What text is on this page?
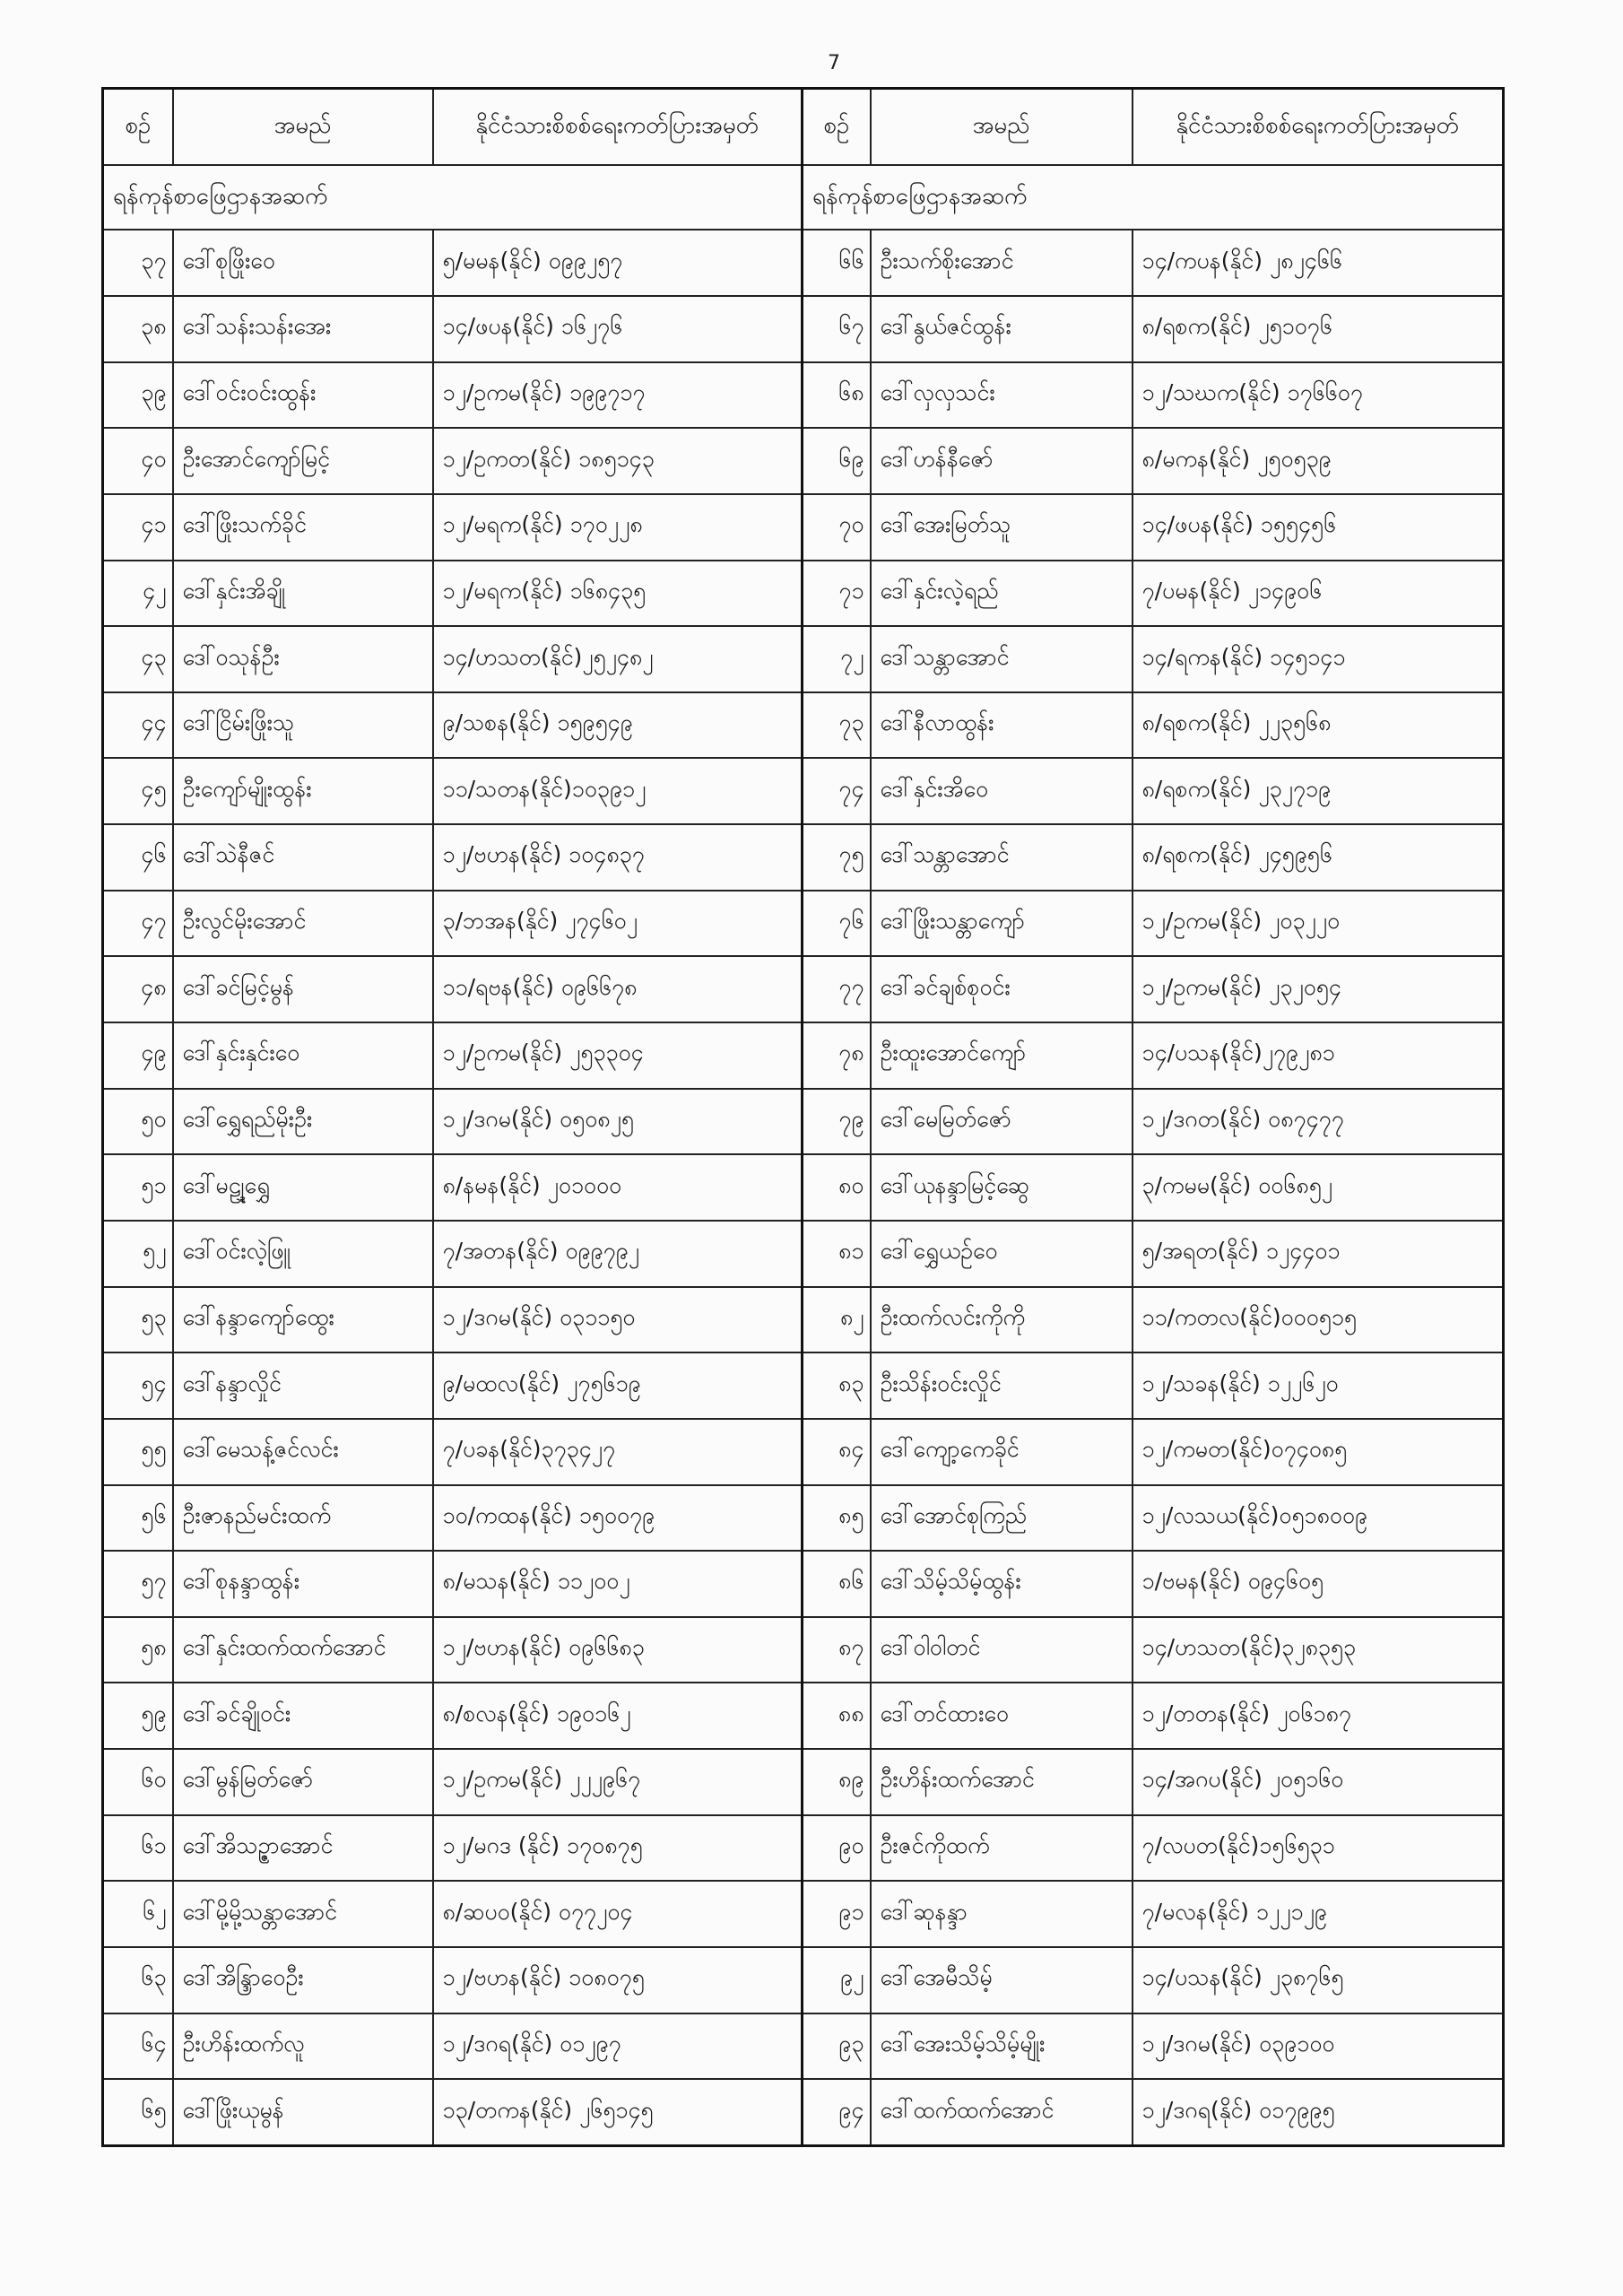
7
စဉ်	အမည်	နိုင်ငံသားစိစစ်ရေးကတ်ပြားအမှတ်	စဉ်	အမည်	နိုင်ငံသားစိစစ်ရေးကတ်ပြားအမှတ်
ရန်ကုန်စာဖြေဌာနအဆက်			ရန်ကုန်စာဖြေဌာနအဆက်		
၃၇	ဒေါ်စုဖြိုးဝေ	၅/မမန(နိုင်) ၀၉၉၂၅၇	၆၆	ဦးသက်စိုးအောင်	၁၄/ကပန(နိုင်) ၂၈၂၄၆၆
၃၈	ဒေါ်သန်းသန်းအေး	၁၄/ဖပန(နိုင်) ၁၆၂၇၆	၆၇	ဒေါ်နွယ်ဇင်ထွန်း	၈/ရစက(နိုင်) ၂၅၁၀၇၆
၃၉	ဒေါ်ဝင်းဝင်းထွန်း	၁၂/ဥကမ(နိုင်) ၁၉၉၇၁၇	၆၈	ဒေါ်လှလှသင်း	၁၂/သဃက(နိုင်) ၁၇၆၆၀၇
၄၀	ဦးအောင်ကျော်မြင့်	၁၂/ဥကတ(နိုင်) ၁၈၅၁၄၃	၆၉	ဒေါ်ဟန်နီဇော်	၈/မကန(နိုင်) ၂၅၀၅၃၉
၄၁	ဒေါ်ဖြိုးသက်ခိုင်	၁၂/မရက(နိုင်) ၁၇၀၂၂၈	၇၀	ဒေါ်အေးမြတ်သူ	၁၄/ဖပန(နိုင်) ၁၅၅၄၅၆
၄၂	ဒေါ်နှင်းအိချို	၁၂/မရက(နိုင်) ၁၆၈၄၃၅	၇၁	ဒေါ်နှင်းလဲ့ရည်	၇/ပမန(နိုင်) ၂၁၄၉၀၆
၄၃	ဒေါ်ဝသုန်ဦး	၁၄/ဟသတ(နိုင်)၂၅၂၄၈၂	၇၂	ဒေါ်သန္တာအောင်	၁၄/ရကန(နိုင်) ၁၄၅၁၄၁
၄၄	ဒေါ်ငြိမ်းဖြိုးသူ	၉/သစန(နိုင်) ၁၅၉၅၄၉	၇၃	ဒေါ်နီလာထွန်း	၈/ရစက(နိုင်) ၂၂၃၅၆၈
၄၅	ဦးကျော်မျိုးထွန်း	၁၁/သတန(နိုင်)၁၀၃၉၁၂	၇၄	ဒေါ်နှင်းအိဝေ	၈/ရစက(နိုင်) ၂၃၂၇၁၉
၄၆	ဒေါ်သဲနီဇင်	၁၂/ဗဟန(နိုင်) ၁၀၄၈၃၇	၇၅	ဒေါ်သန္တာအောင်	၈/ရစက(နိုင်) ၂၄၅၉၅၆
၄၇	ဦးလွင်မိုးအောင်	၃/ဘအန(နိုင်) ၂၇၄၆၀၂	၇၆	ဒေါ်ဖြိုးသန္တာကျော်	၁၂/ဥကမ(နိုင်) ၂၀၃၂၂၀
၄၈	ဒေါ်ခင်မြင့်မွန်	၁၁/ရဗန(နိုင်) ၀၉၆၆၇၈	၇၇	ဒေါ်ခင်ချစ်စုဝင်း	၁၂/ဥကမ(နိုင်) ၂၃၂၀၅၄
၄၉	ဒေါ်နှင်းနှင်းဝေ	၁၂/ဥကမ(နိုင်) ၂၅၃၃၀၄	၇၈	ဦးထူးအောင်ကျော်	၁၄/ပသန(နိုင်)၂၇၉၂၈၁
၅၀	ဒေါ်ရွှေရည်မိုးဦး	၁၂/ဒဂမ(နိုင်) ၀၅၀၈၂၅	၇၉	ဒေါ်မေမြတ်ဇော်	၁၂/ဒဂတ(နိုင်) ၀၈၇၄၇၇
၅၁	ဒေါ်မဠ္ဍုရွှေ	၈/နမန(နိုင်) ၂၀၁၀၀၀	၈၀	ဒေါ်ယုနန္ဒာမြင့်ဆွေ	၃/ကမမ(နိုင်) ၀၀၆၈၅၂
၅၂	ဒေါ်ဝင်းလဲ့ဖြူ	၇/အတန(နိုင်) ၀၉၉၇၉၂	၈၁	ဒေါ်ရွှေယဉ်ဝေ	၅/အရတ(နိုင်) ၁၂၄၄၀၁
၅၃	ဒေါ်နန္ဒာကျော်ထွေး	၁၂/ဒဂမ(နိုင်) ၀၃၁၁၅၀	၈၂	ဦးထက်လင်းကိုကို	၁၁/ကတလ(နိုင်)၀၀၀၅၁၅
၅၄	ဒေါ်နန္ဒာလှိုင်	၉/မထလ(နိုင်) ၂၇၅၆၁၉	၈၃	ဦးသိန်းဝင်းလှိုင်	၁၂/သခန(နိုင်) ၁၂၂၆၂၀
၅၅	ဒေါ်မေသန့်ဇင်လင်း	၇/ပခန(နိုင်)၃၇၃၄၂၇	၈၄	ဒေါ်ကျော့ကေခိုင်	၁၂/ကမတ(နိုင်)၀၇၄၀၈၅
၅၆	ဦးဇာနည်မင်းထက်	၁၀/ကထန(နိုင်) ၁၅၀၀၇၉	၈၅	ဒေါ်အောင်စုကြည်	၁၂/လသယ(နိုင်)၀၅၁၈၀၀၉
၅၇	ဒေါ်စုနန္ဒာထွန်း	၈/မသန(နိုင်) ၁၁၂၀၀၂	၈၆	ဒေါ်သိမ့်သိမ့်ထွန်း	၁/ဗမန(နိုင်) ၀၉၄၆၀၅
၅၈	ဒေါ်နှင်းထက်ထက်အောင်	၁၂/ဗဟန(နိုင်) ၀၉၆၆၈၃	၈၇	ဒေါ်ဝါဝါတင်	၁၄/ဟသတ(နိုင်)၃၂၈၃၅၃
၅၉	ဒေါ်ခင်ချိုဝင်း	၈/စလန(နိုင်) ၁၉၀၁၆၂	၈၈	ဒေါ်တင်ထားဝေ	၁၂/တတန(နိုင်) ၂၀၆၁၈၇
၆၀	ဒေါ်မွန်မြတ်ဇော်	၁၂/ဥကမ(နိုင်) ၂၂၂၉၆၇	၈၉	ဦးဟိန်းထက်အောင်	၁၄/အဂပ(နိုင်) ၂၀၅၁၆၀
၆၁	ဒေါ်အိသဥ္ဇာအောင်	၁၂/မဂဒ (နိုင်) ၁၇၀၈၇၅	၉၀	ဦးဇင်ကိုထက်	၇/လပတ(နိုင်)၁၅၆၅၃၁
၆၂	ဒေါ်မို့မို့သန္တာအောင်	၈/ဆပဝ(နိုင်) ၀၇၇၂၀၄	၉၁	ဒေါ်ဆုနန္ဒာ	၇/မလန(နိုင်) ၁၂၂၁၂၉
၆၃	ဒေါ်အိန္ဒြာဝေဦး	၁၂/ဗဟန(နိုင်) ၁၀၈၀၇၅	၉၂	ဒေါ်အေမီသိမ့်	၁၄/ပသန(နိုင်) ၂၃၈၇၆၅
၆၄	ဦးဟိန်းထက်လူ	၁၂/ဒဂရ(နိုင်) ၀၁၂၉၇	၉၃	ဒေါ်အေးသိမ့်သိမ့်မျိုး	၁၂/ဒဂမ(နိုင်) ၀၃၉၁၀၀
၆၅	ဒေါ်ဖြိုးယုမွန်	၁၃/တကန(နိုင်) ၂၆၅၁၄၅	၉၄	ဒေါ်ထက်ထက်အောင်	၁၂/ဒဂရ(နိုင်) ၀၁၇၉၉၅
